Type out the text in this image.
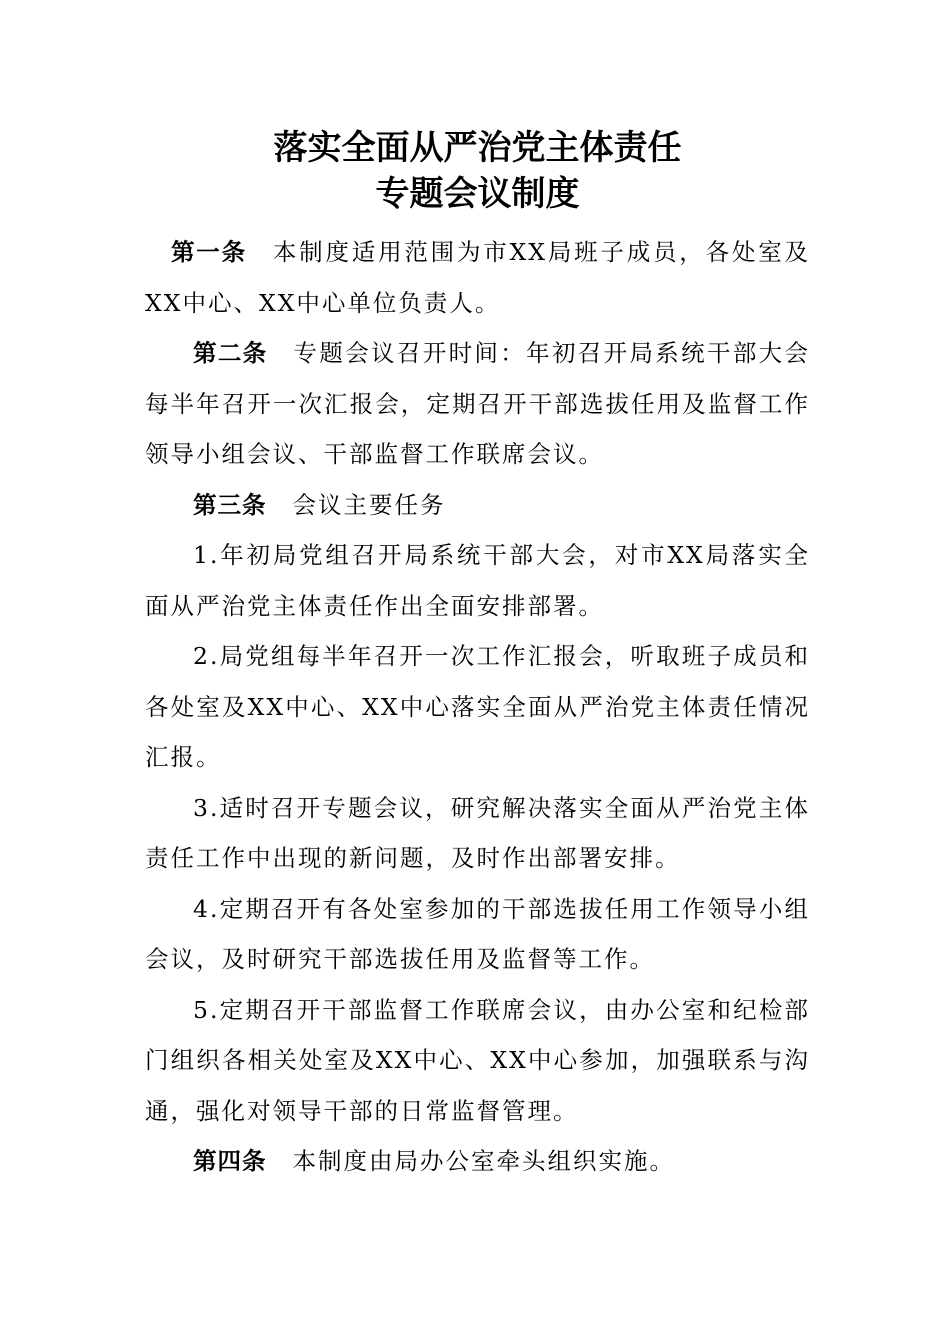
落实全面从严治党主体责任
专题会议制度

第一条 本制度适用范围为市XX局班子成员，各处室及XX中心、XX中心单位负责人。

第二条 专题会议召开时间：年初召开局系统干部大会每半年召开一次汇报会，定期召开干部选拔任用及监督工作领导小组会议、干部监督工作联席会议。

第三条 会议主要任务

1.年初局党组召开局系统干部大会，对市XX局落实全面从严治党主体责任作出全面安排部署。

2.局党组每半年召开一次工作汇报会，听取班子成员和各处室及XX中心、XX中心落实全面从严治党主体责任情况汇报。

3.适时召开专题会议，研究解决落实全面从严治党主体责任工作中出现的新问题，及时作出部署安排。

4.定期召开有各处室参加的干部选拔任用工作领导小组会议，及时研究干部选拔任用及监督等工作。

5.定期召开干部监督工作联席会议，由办公室和纪检部门组织各相关处室及XX中心、XX中心参加，加强联系与沟通，强化对领导干部的日常监督管理。

第四条 本制度由局办公室牵头组织实施。
